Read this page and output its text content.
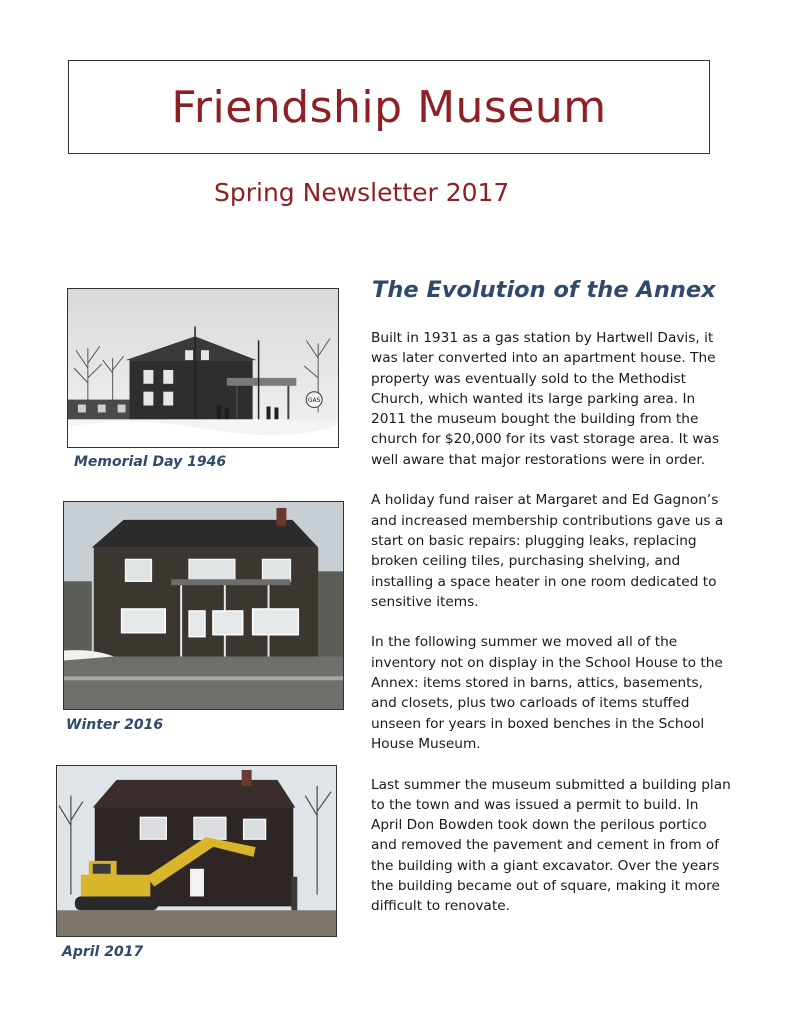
Friendship Museum
Spring Newsletter 2017
GAS
Memorial Day 1946
Winter 2016
April 2017
The Evolution of the Annex

Built in 1931 as a gas station by Hartwell Davis, it was later converted into an apartment house. The property was eventually sold to the Methodist Church, which wanted its large parking area. In 2011 the museum bought the building from the church for $20,000 for its vast storage area. It was well aware that major restorations were in order.

A holiday fund raiser at Margaret and Ed Gagnon’s and increased membership contributions gave us a start on basic repairs: plugging leaks, replacing broken ceiling tiles, purchasing shelving, and installing a space heater in one room dedicated to sensitive items.

In the following summer we moved all of the inventory not on display in the School House to the Annex: items stored in barns, attics, basements, and closets, plus two carloads of items stuffed unseen for years in boxed benches in the School House Museum.

Last summer the museum submitted a building plan to the town and was issued a permit to build. In April Don Bowden took down the perilous portico and removed the pavement and cement in from of the building with a giant excavator. Over the years the building became out of square, making it more difficult to renovate.
